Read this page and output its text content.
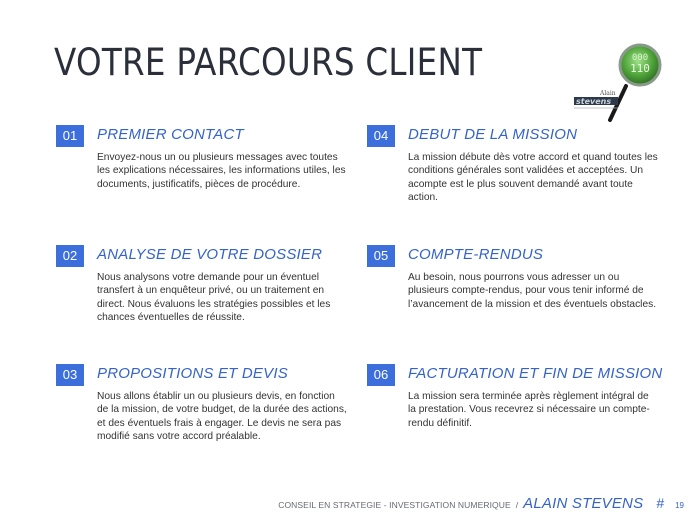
VOTRE PARCOURS CLIENT	000
110
Alain
stevens
01	PREMIER CONTACT
Envoyez-nous un ou plusieurs messages avec toutes les explications nécessaires, les informations utiles, les documents, justificatifs, pièces de procédure.
02	ANALYSE DE VOTRE DOSSIER
Nous analysons votre demande pour un éventuel transfert à un enquêteur privé, ou un traitement en direct. Nous évaluons les stratégies possibles et les chances éventuelles de réussite.
03	PROPOSITIONS ET DEVIS
Nous allons établir un ou plusieurs devis, en fonction de la mission, de votre budget, de la durée des actions, et des éventuels frais à engager. Le devis ne sera pas modifié sans votre accord préalable.
04	DEBUT DE LA MISSION
La mission débute dès votre accord et quand toutes les conditions générales sont validées et acceptées. Un acompte est le plus souvent demandé avant toute action.
05	COMPTE-RENDUS
Au besoin, nous pourrons vous adresser un ou plusieurs compte-rendus, pour vous tenir informé de l’avancement de la mission et des éventuels obstacles.
06	FACTURATION ET FIN DE MISSION
La mission sera terminée après règlement intégral de la prestation. Vous recevrez si nécessaire un compte-rendu définitif.
CONSEIL EN STRATEGIE - INVESTIGATION NUMERIQUE / ALAIN STEVENS # 19
